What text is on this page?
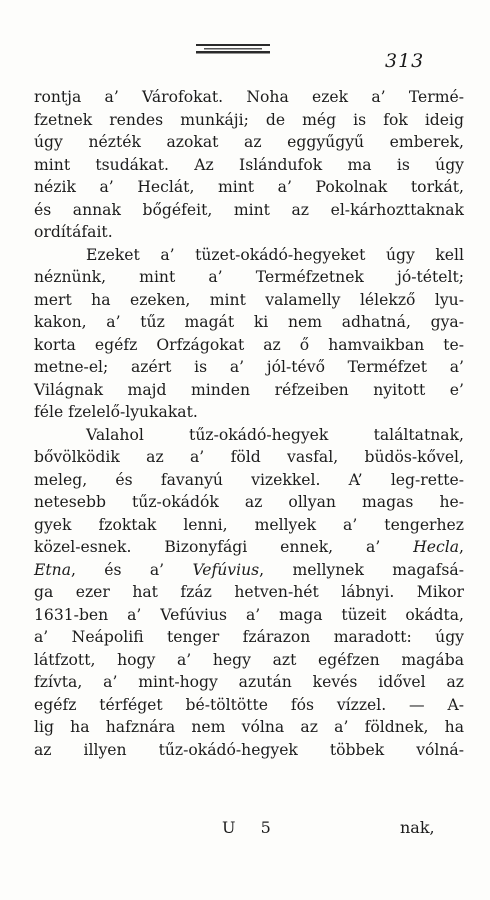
313
rontja a’ Várofokat. Noha ezek a’ Termé-
fzetnek rendes munkáji; de még is fok ideig
úgy nézték azokat az eggyűgyű emberek,
mint tsudákat. Az Islándufok ma is úgy
nézik a’ Heclát, mint a’ Pokolnak torkát,
és annak bőgéfeit, mint az el-kárhozttaknak
ordítáfait.
Ezeket a’ tüzet-okádó-hegyeket úgy kell
néznünk, mint a’ Terméfzetnek jó-tételt;
mert ha ezeken, mint valamelly lélekző lyu-
kakon, a’ tűz magát ki nem adhatná, gya-
korta egéfz Orfzágokat az ő hamvaikban te-
metne-el; azért is a’ jól-tévő Terméfzet a’
Világnak majd minden réfzeiben nyitott e’
féle fzelelő-lyukakat.
Valahol tűz-okádó-hegyek találtatnak,
bővölködik az a’ föld vasfal, büdös-kővel,
meleg, és favanyú vizekkel. A’ leg-rette-
netesebb tűz-okádók az ollyan magas he-
gyek fzoktak lenni, mellyek a’ tengerhez
közel-esnek. Bizonyfági ennek, a’ Hecla,
Etna, és a’ Vefúvius, mellynek magafsá-
ga ezer hat fzáz hetven-hét lábnyi. Mikor
1631-ben a’ Vefúvius a’ maga tüzeit okádta,
a’ Neápolifi tenger fzárazon maradott: úgy
látfzott, hogy a’ hegy azt egéfzen magába
fzívta, a’ mint-hogy azután kevés idővel az
egéfz térféget bé-töltötte fós vízzel. — A-
lig ha hafznára nem vólna az a’ földnek, ha
az illyen tűz-okádó-hegyek többek vólná-
U 5	nak,
